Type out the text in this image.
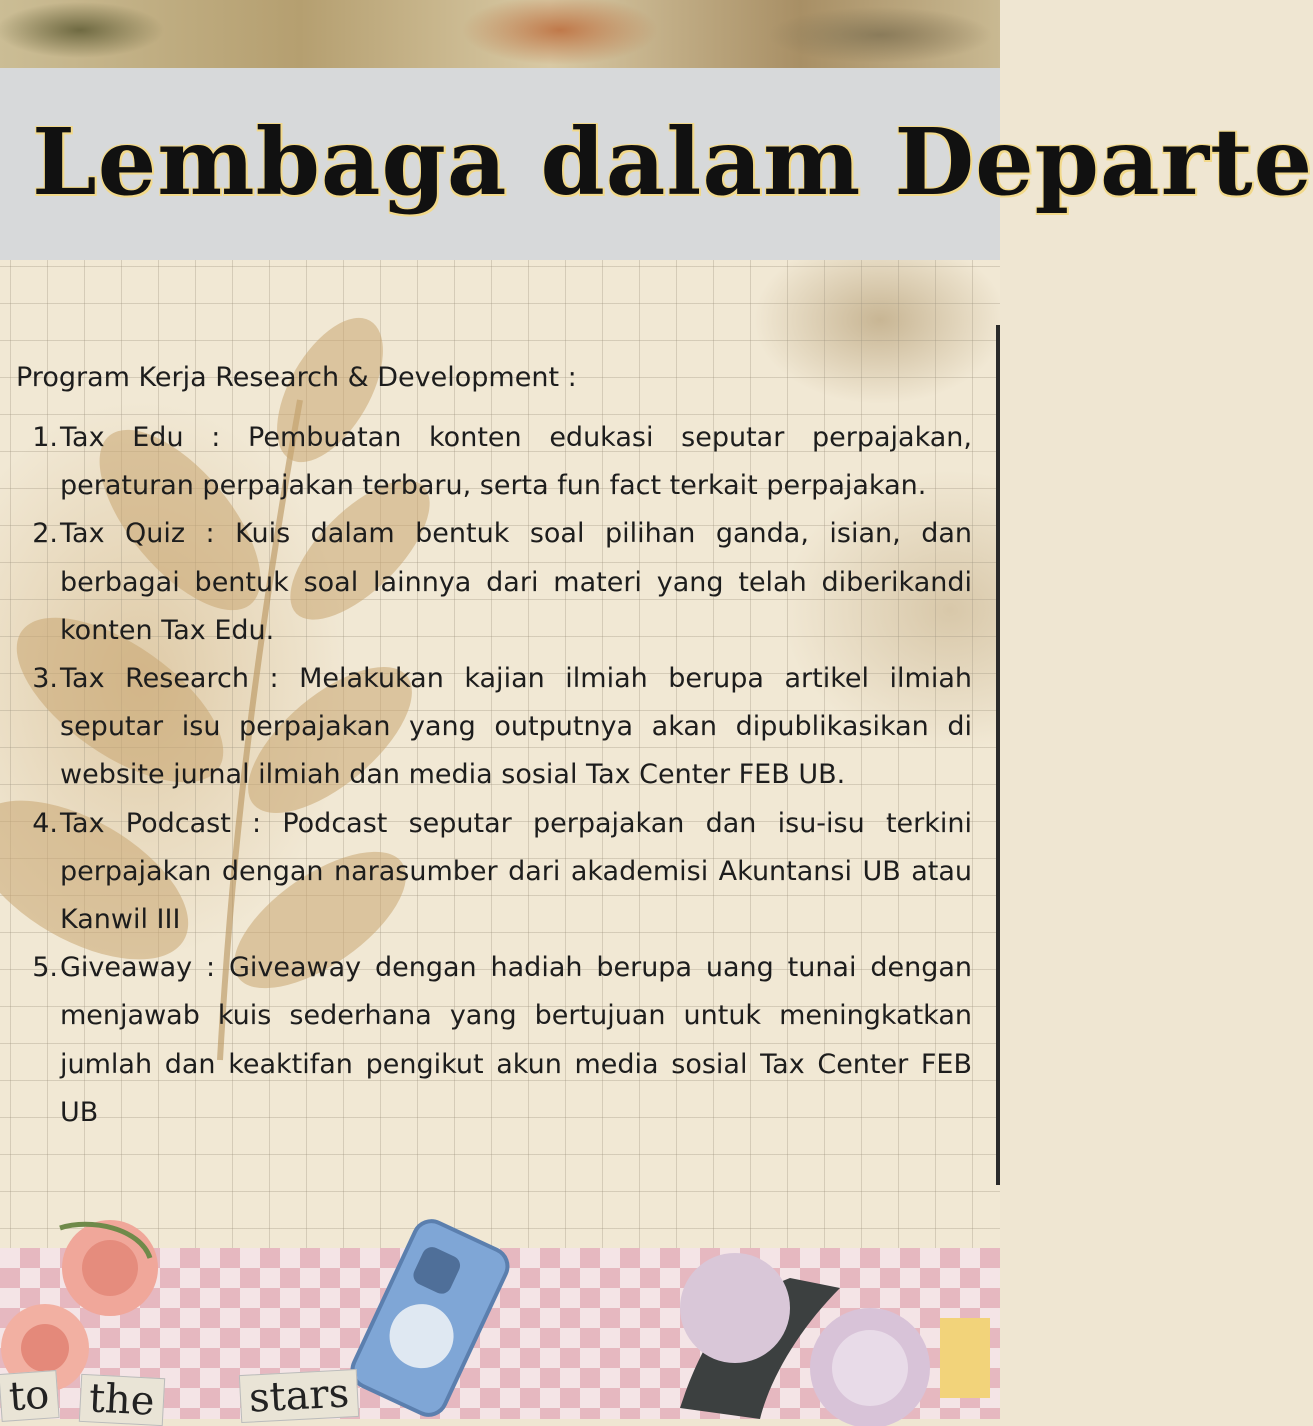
Lembaga dalam Departe

Program Kerja Research & Development :

1. Tax Edu : Pembuatan konten edukasi seputar perpajakan, peraturan perpajakan terbaru, serta fun fact terkait perpajakan.
2. Tax Quiz : Kuis dalam bentuk soal pilihan ganda, isian, dan berbagai bentuk soal lainnya dari materi yang telah diberikandi konten Tax Edu.
3. Tax Research : Melakukan kajian ilmiah berupa artikel ilmiah seputar isu perpajakan yang outputnya akan dipublikasikan di website jurnal ilmiah dan media sosial Tax Center FEB UB.
4. Tax Podcast : Podcast seputar perpajakan dan isu-isu terkini perpajakan dengan narasumber dari akademisi Akuntansi UB atau Kanwil III
5. Giveaway : Giveaway dengan hadiah berupa uang tunai dengan menjawab kuis sederhana yang bertujuan untuk meningkatkan jumlah dan keaktifan pengikut akun media sosial Tax Center FEB UB
to the stars
